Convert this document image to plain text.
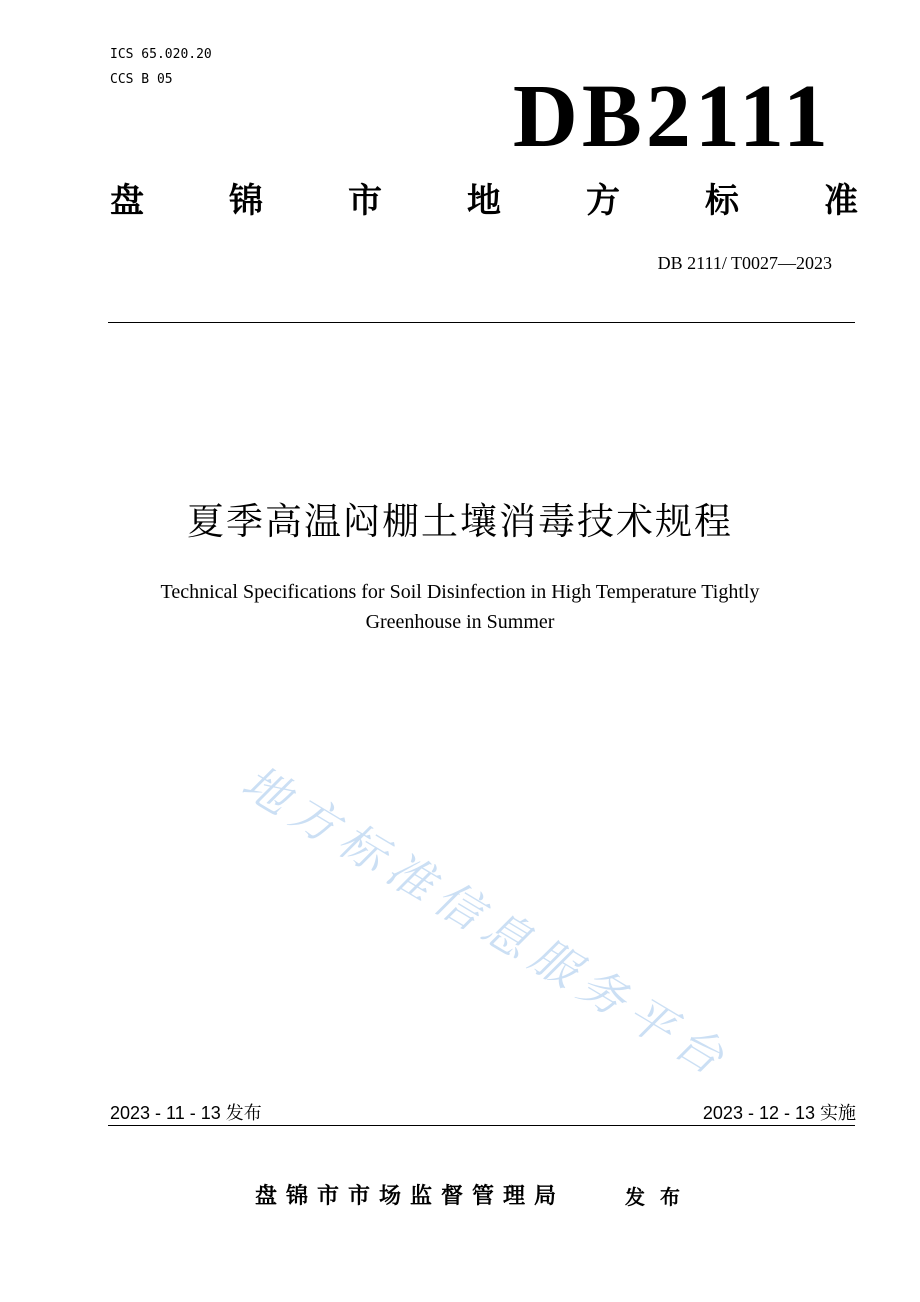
ICS 65.020.20
CCS B 05	DB2111
盘	锦	市	地	方	标	准
DB 2111/ T0027—2023
夏季高温闷棚土壤消毒技术规程
Technical Specifications for Soil Disinfection in High Temperature Tightly
Greenhouse in Summer
地方标准信息服务平台
2023 - 11 - 13 发布	2023 - 12 - 13 实施
盘锦市市场监督管理局	发 布
